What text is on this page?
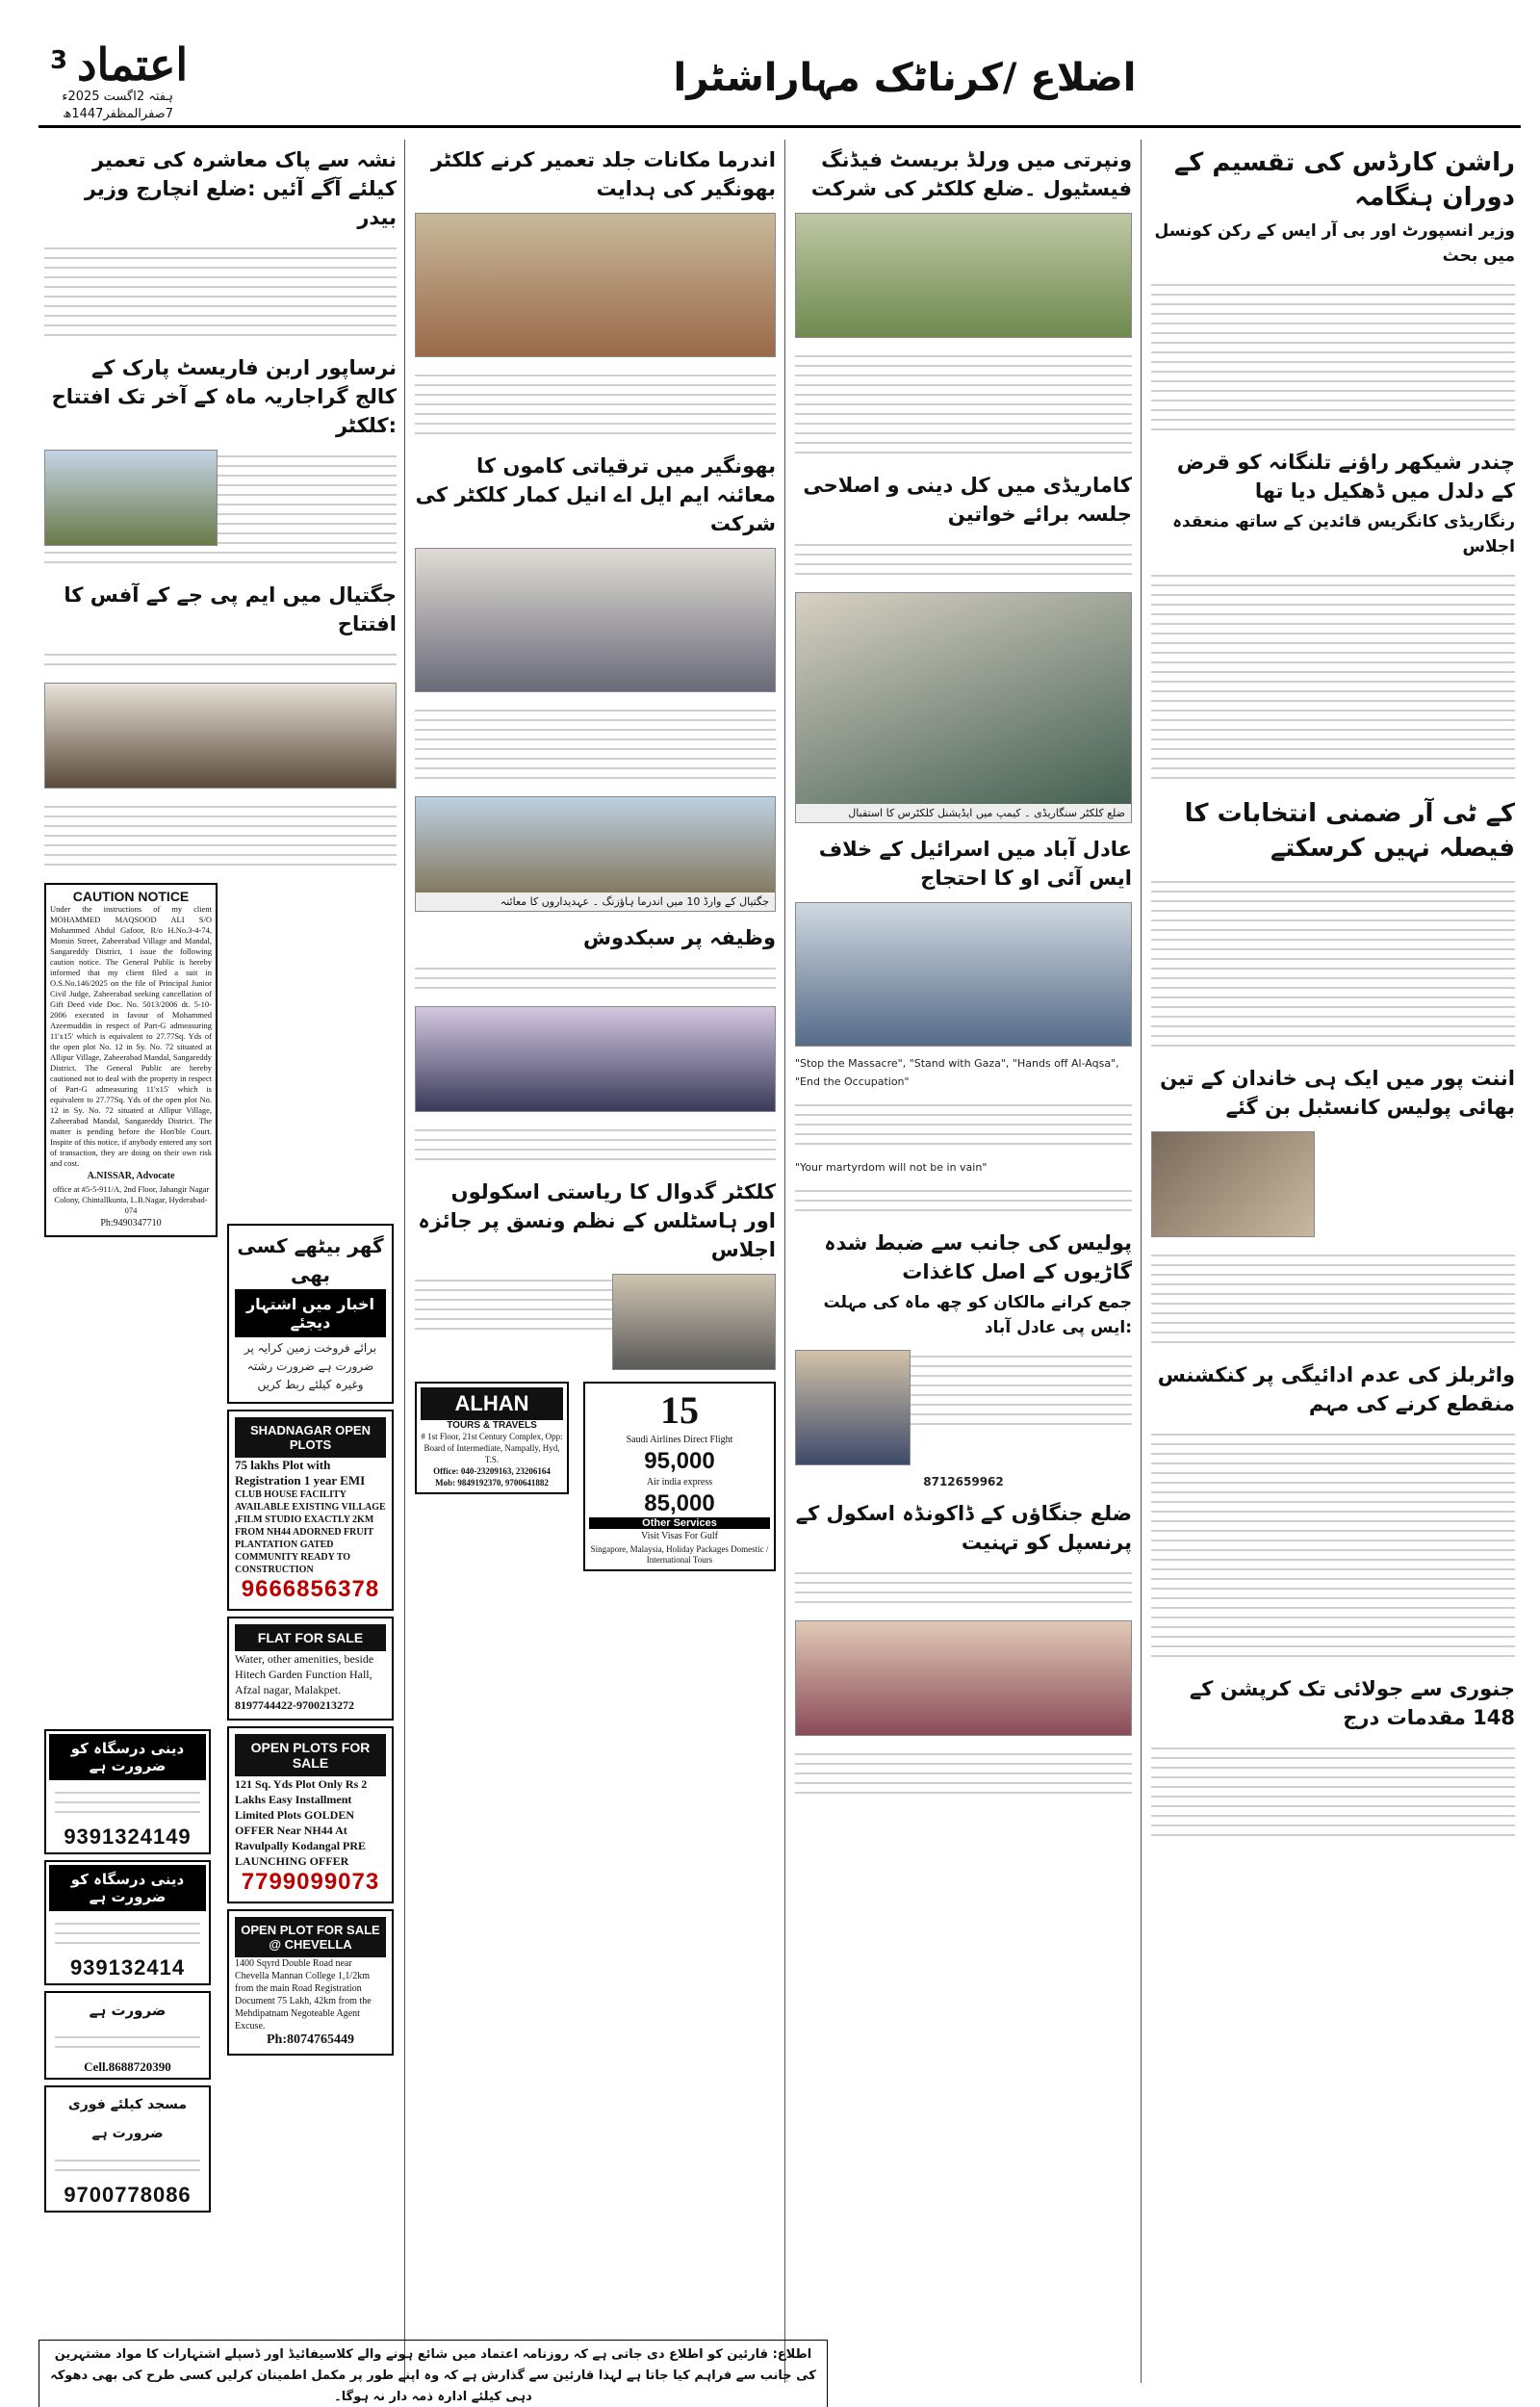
3 اعتماد
ہفتہ 2اگست 2025ء
7صفرالمظفر1447ھ
اضلاع /کرناٹک مہاراشٹرا
راشن کارڈس کی تقسیم کے دوران ہنگامہ
وزیر انسپورٹ اور بی آر ایس کے رکن کونسل میں بحث
چندر شیکھر راؤنے تلنگانہ کو قرض کے دلدل میں ڈھکیل دیا تھا
رنگاریڈی کانگریس قائدین کے ساتھ منعقدہ اجلاس
کے ٹی آر ضمنی انتخابات کا فیصلہ نہیں کرسکتے
اننت پور میں ایک ہی خاندان کے تین بھائی پولیس کانسٹبل بن گئے
واٹربلز کی عدم ادائیگی پر کنکشنس منقطع کرنے کی مہم
جنوری سے جولائی تک کرپشن کے 148 مقدمات درج
ونپرتی میں ورلڈ بریسٹ فیڈنگ فیسٹیول ۔ضلع کلکٹر کی شرکت
کاماریڈی میں کل دینی و اصلاحی جلسہ برائے خواتین
ضلع کلکٹر سنگاریڈی ۔ کیمپ میں ایڈیشنل کلکٹرس کا استقبال
عادل آباد میں اسرائیل کے خلاف ایس آئی او کا احتجاج
"Stop the Massacre", "Stand with Gaza", "Hands off Al-Aqsa", "End the Occupation"
"Your martyrdom will not be in vain"
پولیس کی جانب سے ضبط شدہ گاڑیوں کے اصل کاغذات
جمع کرانے مالکان کو چھ ماہ کی مہلت :ایس پی عادل آباد
8712659962
ضلع جنگاؤں کے ڈاکونڈہ اسکول کے پرنسپل کو تہنیت
اندرما مکانات جلد تعمیر کرنے کلکٹر بھونگیر کی ہدایت
بھونگیر میں ترقیاتی کاموں کا معائنہ ایم ایل اے انیل کمار کلکٹر کی شرکت
جگتیال کے وارڈ 10 میں اندرما ہاؤزنگ ۔ عہدیداروں کا معائنہ
وظیفہ پر سبکدوش
کلکٹر گدوال کا ریاستی اسکولوں اور ہاسٹلس کے نظم ونسق پر جائزہ اجلاس
ALHAN
TOURS & TRAVELS
# 1st Floor, 21st Century Complex, Opp: Board of Intermediate, Nampally, Hyd, T.S.
Office: 040-23209163, 23206164
Mob: 9849192370, 9700641882
15
Saudi Airlines Direct Flight
95,000
Air india express
85,000
Other Services
Visit Visas For Gulf
Singapore, Malaysia, Holiday Packages Domestic / International Tours
گھر بیٹھے کسی بھی
اخبار میں اشتہار دیجئے
برائے فروخت زمین کرایہ پر ضرورت ہے ضرورت رشتہ وغیرہ کیلئے ربط کریں
SHADNAGAR OPEN PLOTS
75 lakhs Plot with Registration 1 year EMI
CLUB HOUSE FACILITY AVAILABLE EXISTING VILLAGE ,FILM STUDIO EXACTLY 2KM FROM NH44 ADORNED FRUIT PLANTATION GATED COMMUNITY READY TO CONSTRUCTION
9666856378
FLAT FOR SALE
Water, other amenities, beside Hitech Garden Function Hall, Afzal nagar, Malakpet.
8197744422-9700213272
OPEN PLOTS FOR SALE
121 Sq. Yds Plot Only Rs 2 Lakhs Easy Installment Limited Plots GOLDEN OFFER Near NH44 At Ravulpally Kodangal PRE LAUNCHING OFFER
7799099073
OPEN PLOT FOR SALE @ CHEVELLA
1400 Sqyrd Double Road near Chevella Mannan College 1,1/2km from the main Road Registration Document 75 Lakh, 42km from the Mehdipatnam Negoteable Agent Excuse.
Ph:8074765449
نشہ سے پاک معاشرہ کی تعمیر کیلئے آگے آئیں :ضلع انچارج وزیر بیدر
نرساپور اربن فاریسٹ پارک کے کالج گراجاریہ ماہ کے آخر تک افتتاح :کلکٹر
جگتیال میں ایم پی جے کے آفس کا افتتاح
CAUTION NOTICE
Under the instructions of my client MOHAMMED MAQSOOD ALI S/O Mohammed Abdul Gafoor, R/o H.No.3-4-74, Momin Street, Zaheerabad Village and Mandal, Sangareddy District, 1 issue the following caution notice. The General Public is hereby informed that my client filed a suit in O.S.No.146/2025 on the file of Principal Junior Civil Judge, Zaheerabad seeking cancellation of Gift Deed vide Doc. No. 5013/2006 dt. 5-10-2006 executed in favour of Mohammed Azeemuddin in respect of Part-G admeasuring 11'x15' which is equivalent to 27.77Sq. Yds of the open plot No. 12 in Sy. No. 72 situated at Allipur Village, Zaheerabad Mandal, Sangareddy District. The General Public are hereby cautioned not to deal with the property in respect of Part-G admeasuring 11'x15' which is equivalent to 27.77Sq. Yds of the open plot No. 12 in Sy. No. 72 situated at Allipur Village, Zaheerabad Mandal, Sangareddy District. The matter is pending before the Hon'ble Court. Inspite of this notice, if anybody entered any sort of transaction, they are doing on their own risk and cost.
A.NISSAR, Advocate
office at #5-5-911/A, 2nd Floor, Jahangir Nagar Colony, Chintallkunta, L.B.Nagar, Hyderabad-074
Ph:9490347710
دینی درسگاہ کو ضرورت ہے
9391324149
دینی درسگاہ کو ضرورت ہے
939132414
ضرورت ہے
Cell.8688720390
مسجد کیلئے فوری ضرورت ہے
9700778086
اطلاع: قارئین کو اطلاع دی جاتی ہے کہ روزنامہ اعتماد میں شائع ہونے والے کلاسیفائیڈ اور ڈسپلے اشتہارات کا مواد مشتہرین کی جانب سے فراہم کیا جاتا ہے لہذا قارئین سے گذارش ہے کہ وہ اپنے طور پر مکمل اطمینان کرلیں کسی طرح کی بھی دھوکہ دہی کیلئے ادارہ ذمہ دار نہ ہوگا۔
